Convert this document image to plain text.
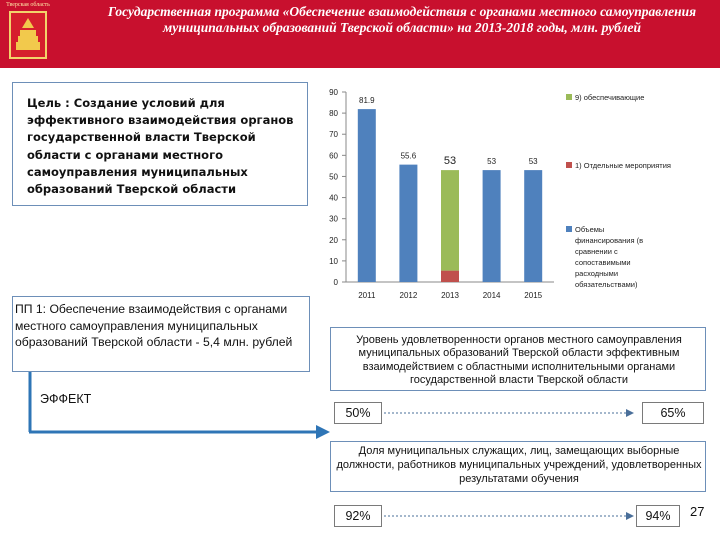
Тверская область	Государственная программа «Обеспечение взаимодействия с органами местного самоуправления
муниципальных образований Тверской области» на 2013-2018 годы, млн. рублей
Цель : Создание условий для эффективного взаимодействия органов государственной власти Тверской области с органами местного самоуправления муниципальных образований Тверской области
0
10
20
30
40
50
60
70
80
90
81.9
2011
55.6
2012
53
2013
53
2014
53
2015
9) обеспечивающие
1) Отдельные мероприятия
Объемы финансирования (в сравнении с сопоставимыми расходными обязательствами)
ПП 1: Обеспечение взаимодействия с органами местного самоуправления муниципальных образований Тверской области - 5,4 млн. рублей
ЭФФЕКТ
Уровень удовлетворенности органов местного самоуправления муниципальных образований Тверской области эффективным взаимодействием с областными исполнительными органами государственной власти Тверской области
50%	65%
Доля муниципальных служащих, лиц, замещающих выборные должности, работников муниципальных учреждений, удовлетворенных результатами обучения
92%	94%	27
